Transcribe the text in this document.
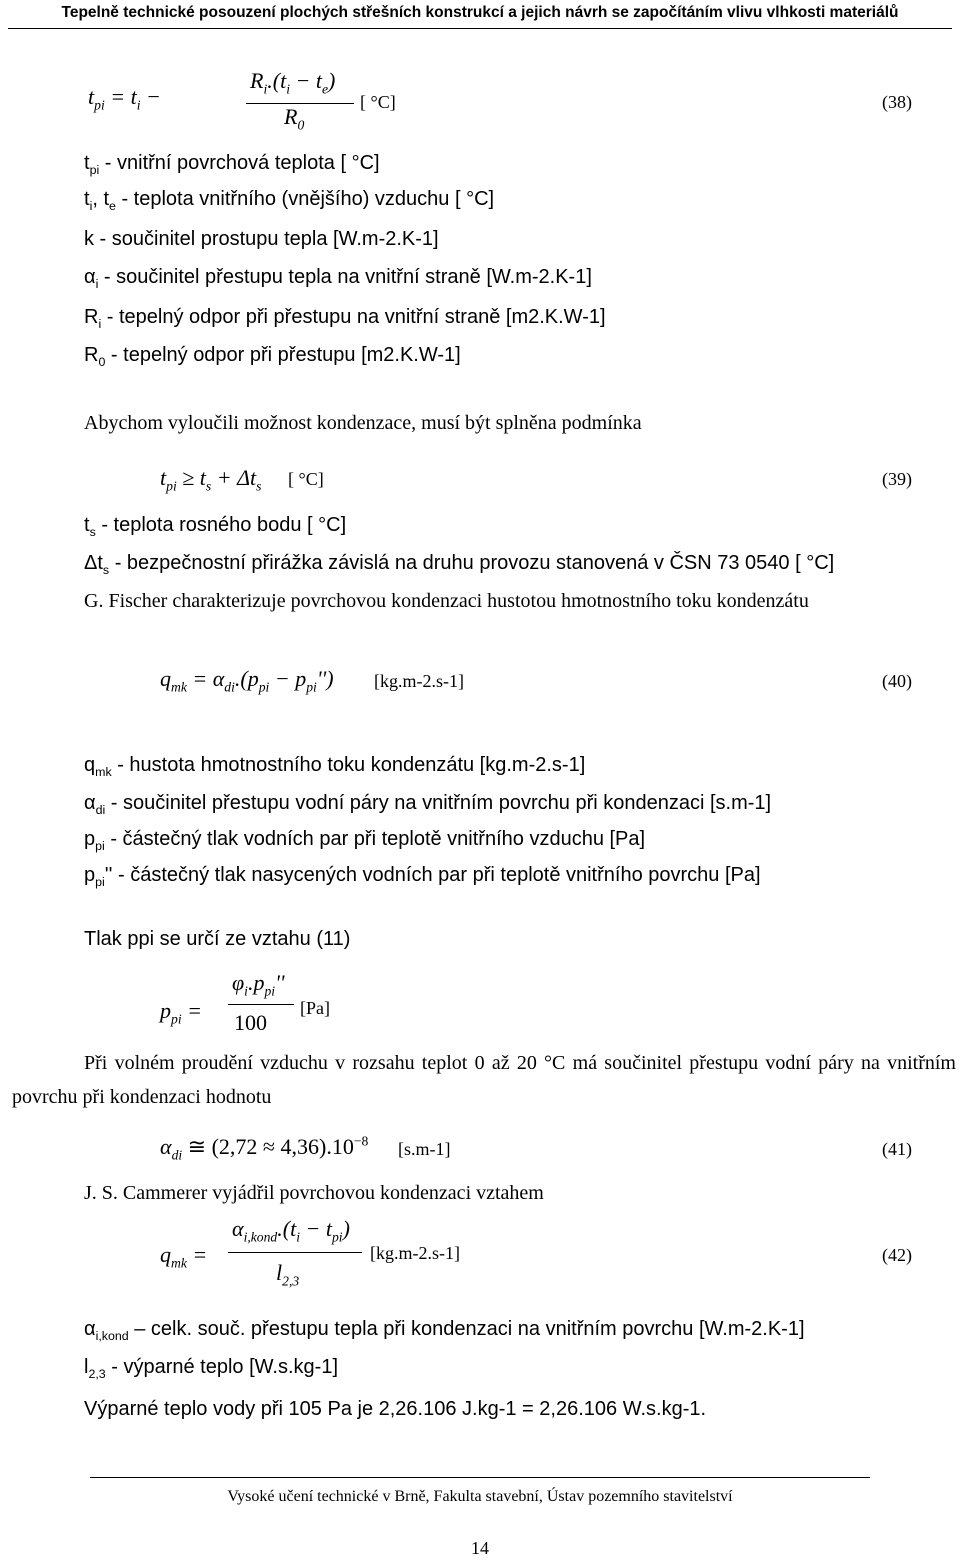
Tepelně technické posouzení plochých střešních konstrukcí a jejich návrh se započítáním vlivu vlhkosti materiálů
$t_{pi} = t_i$ −
$R_i.(t_i - t_e)$
$R_0$
[ °C]	(38)
$t_{pi}$ - vnitřní povrchová teplota [ °C]
$t_i$, $t_e$ - teplota vnitřního (vnějšího) vzduchu [ °C]
k - součinitel prostupu tepla [W.m-2.K-1]
$\alpha_i$ - součinitel přestupu tepla na vnitřní straně [W.m-2.K-1]
$R_i$ - tepelný odpor při přestupu na vnitřní straně [m2.K.W-1]
$R_0$ - tepelný odpor při přestupu [m2.K.W-1]
Abychom vyloučili možnost kondenzace, musí být splněna podmínka
$t_{pi} \ge t_s + \Delta t_s$ [ °C]	(39)
$t_s$ - teplota rosného bodu [ °C]
$\Delta t_s$ - bezpečnostní přirážka závislá na druhu provozu stanovená v ČSN 73 0540 [ °C]
G. Fischer charakterizuje povrchovou kondenzaci hustotou hmotnostního toku kondenzátu
$q_{mk} = \alpha_{di}.(p_{pi} - p_{pi}'')$ [kg.m-2.s-1]	(40)
$q_{mk}$ - hustota hmotnostního toku kondenzátu [kg.m-2.s-1]
$\alpha_{di}$ - součinitel přestupu vodní páry na vnitřním povrchu při kondenzaci [s.m-1]
$p_{pi}$ - částečný tlak vodních par při teplotě vnitřního vzduchu [Pa]
$p_{pi}''$ - částečný tlak nasycených vodních par při teplotě vnitřního povrchu [Pa]
Tlak ppi se určí ze vztahu (11)
$p_{pi}$ =
$\varphi_i.p_{pi}''$
100
[Pa]
Při volném proudění vzduchu v rozsahu teplot 0 až 20 °C má součinitel přestupu vodní páry na vnitřním povrchu při kondenzaci hodnotu
$\alpha_{di}$ ≅ $(2,72 \approx 4,36).10^{-8}$ [s.m-1]	(41)
J. S. Cammerer vyjádřil povrchovou kondenzaci vztahem
$q_{mk}$ =
$\alpha_{i,kond}.(t_i - t_{pi})$
$l_{2,3}$
[kg.m-2.s-1]	(42)
$\alpha_{i,kond}$ – celk. souč. přestupu tepla při kondenzaci na vnitřním povrchu [W.m-2.K-1]
$l_{2,3}$ - výparné teplo [W.s.kg-1]
Výparné teplo vody při 105 Pa je 2,26.106 J.kg-1 = 2,26.106 W.s.kg-1.
Vysoké učení technické v Brně, Fakulta stavební, Ústav pozemního stavitelství
14
